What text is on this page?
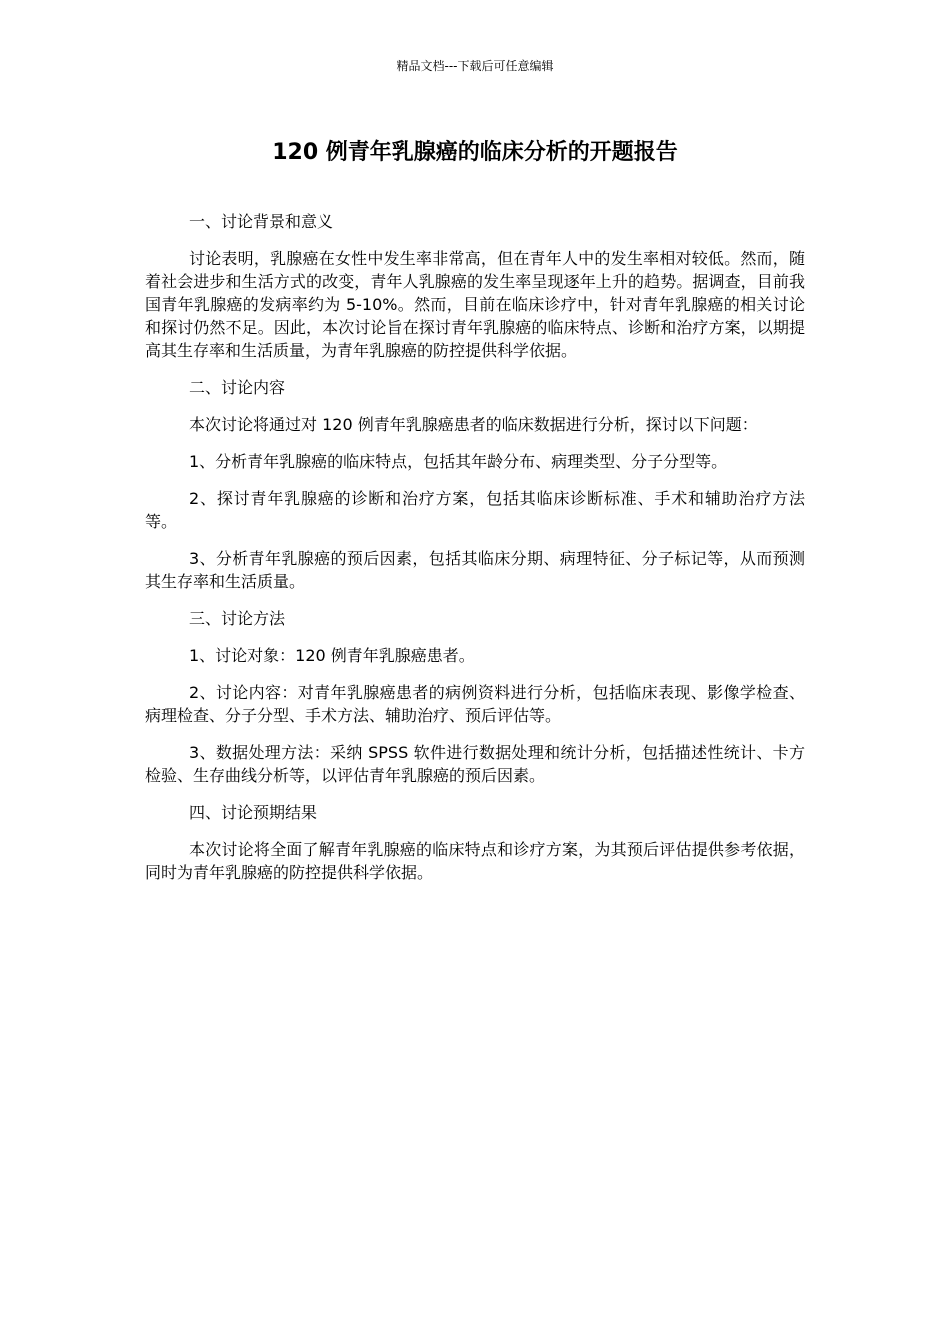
精品文档---下载后可任意编辑
120 例青年乳腺癌的临床分析的开题报告

一、讨论背景和意义

讨论表明，乳腺癌在女性中发生率非常高，但在青年人中的发生率相对较低。然而，随着社会进步和生活方式的改变，青年人乳腺癌的发生率呈现逐年上升的趋势。据调查，目前我国青年乳腺癌的发病率约为 5-10%。然而，目前在临床诊疗中，针对青年乳腺癌的相关讨论和探讨仍然不足。因此，本次讨论旨在探讨青年乳腺癌的临床特点、诊断和治疗方案，以期提高其生存率和生活质量，为青年乳腺癌的防控提供科学依据。

二、讨论内容

本次讨论将通过对 120 例青年乳腺癌患者的临床数据进行分析，探讨以下问题：

1、分析青年乳腺癌的临床特点，包括其年龄分布、病理类型、分子分型等。

2、探讨青年乳腺癌的诊断和治疗方案，包括其临床诊断标准、手术和辅助治疗方法等。

3、分析青年乳腺癌的预后因素，包括其临床分期、病理特征、分子标记等，从而预测其生存率和生活质量。

三、讨论方法

1、讨论对象：120 例青年乳腺癌患者。

2、讨论内容：对青年乳腺癌患者的病例资料进行分析，包括临床表现、影像学检查、病理检查、分子分型、手术方法、辅助治疗、预后评估等。

3、数据处理方法：采纳 SPSS 软件进行数据处理和统计分析，包括描述性统计、卡方检验、生存曲线分析等，以评估青年乳腺癌的预后因素。

四、讨论预期结果

本次讨论将全面了解青年乳腺癌的临床特点和诊疗方案，为其预后评估提供参考依据，同时为青年乳腺癌的防控提供科学依据。
